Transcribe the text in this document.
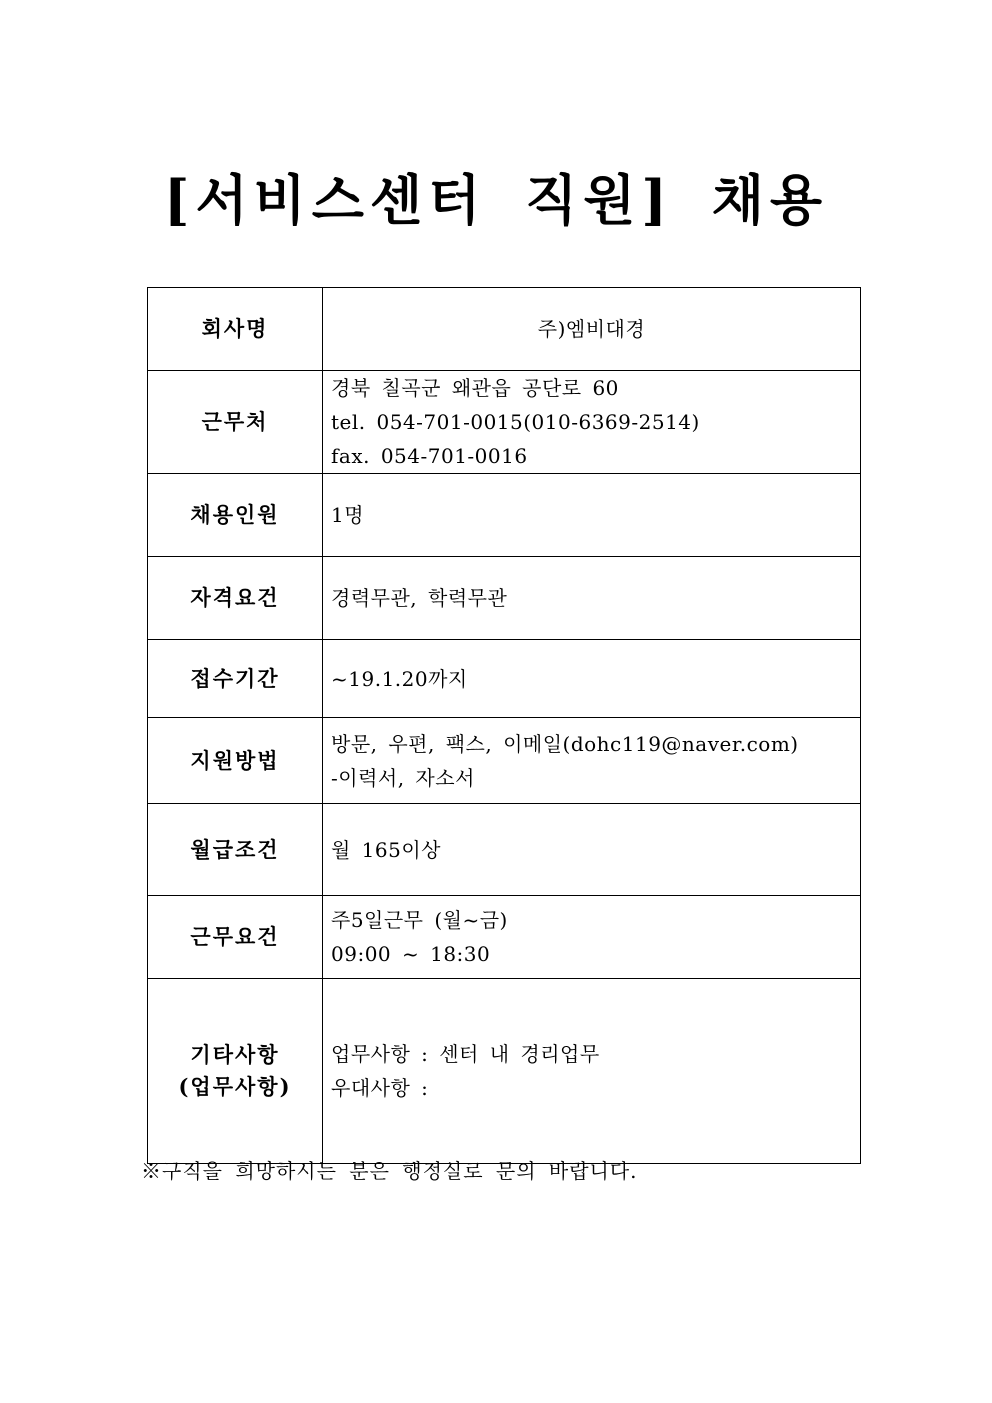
[서비스센터 직원] 채용
회사명	주)엠비대경

근무처	경북 칠곡군 왜관읍 공단로 60
tel. 054-701-0015(010-6369-2514)
fax. 054-701-0016

채용인원	1명

자격요건	경력무관, 학력무관

접수기간	~19.1.20까지

지원방법	방문, 우편, 팩스, 이메일(dohc119@naver.com)
-이력서, 자소서

월급조건	월 165이상

근무요건	주5일근무 (월~금)
09:00 ~ 18:30

기타사항
(업무사항)	업무사항 : 센터 내 경리업무
우대사항 :
※구직을 희망하시는 분은 행정실로 문의 바랍니다.
